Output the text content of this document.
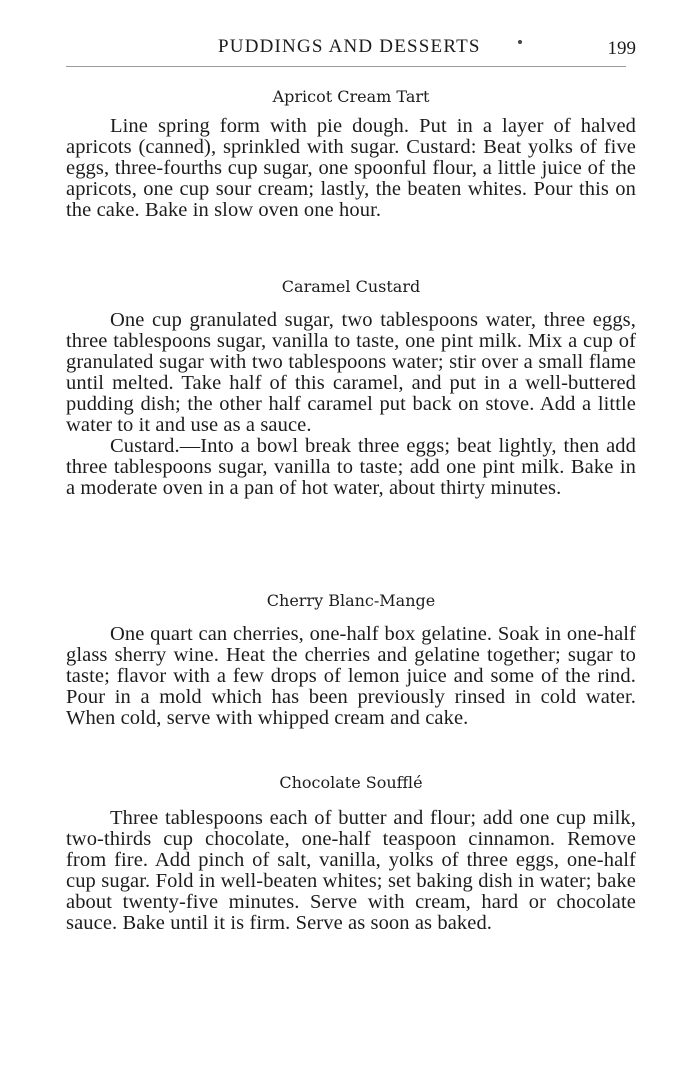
PUDDINGS AND DESSERTS	199
Apricot Cream Tart

Line spring form with pie dough. Put in a layer of halved apricots (canned), sprinkled with sugar. Custard: Beat yolks of five eggs, three-fourths cup sugar, one spoonful flour, a little juice of the apricots, one cup sour cream; lastly, the beaten whites. Pour this on the cake. Bake in slow oven one hour.

Caramel Custard

One cup granulated sugar, two tablespoons water, three eggs, three tablespoons sugar, vanilla to taste, one pint milk. Mix a cup of granulated sugar with two tablespoons water; stir over a small flame until melted. Take half of this caramel, and put in a well-buttered pudding dish; the other half caramel put back on stove. Add a little water to it and use as a sauce.

Custard.—Into a bowl break three eggs; beat lightly, then add three tablespoons sugar, vanilla to taste; add one pint milk. Bake in a moderate oven in a pan of hot water, about thirty minutes.

Cherry Blanc-Mange

One quart can cherries, one-half box gelatine. Soak in one-half glass sherry wine. Heat the cherries and gelatine together; sugar to taste; flavor with a few drops of lemon juice and some of the rind. Pour in a mold which has been previously rinsed in cold water. When cold, serve with whipped cream and cake.

Chocolate Soufflé

Three tablespoons each of butter and flour; add one cup milk, two-thirds cup chocolate, one-half teaspoon cinnamon. Remove from fire. Add pinch of salt, vanilla, yolks of three eggs, one-half cup sugar. Fold in well-beaten whites; set baking dish in water; bake about twenty-five minutes. Serve with cream, hard or chocolate sauce. Bake until it is firm. Serve as soon as baked.
